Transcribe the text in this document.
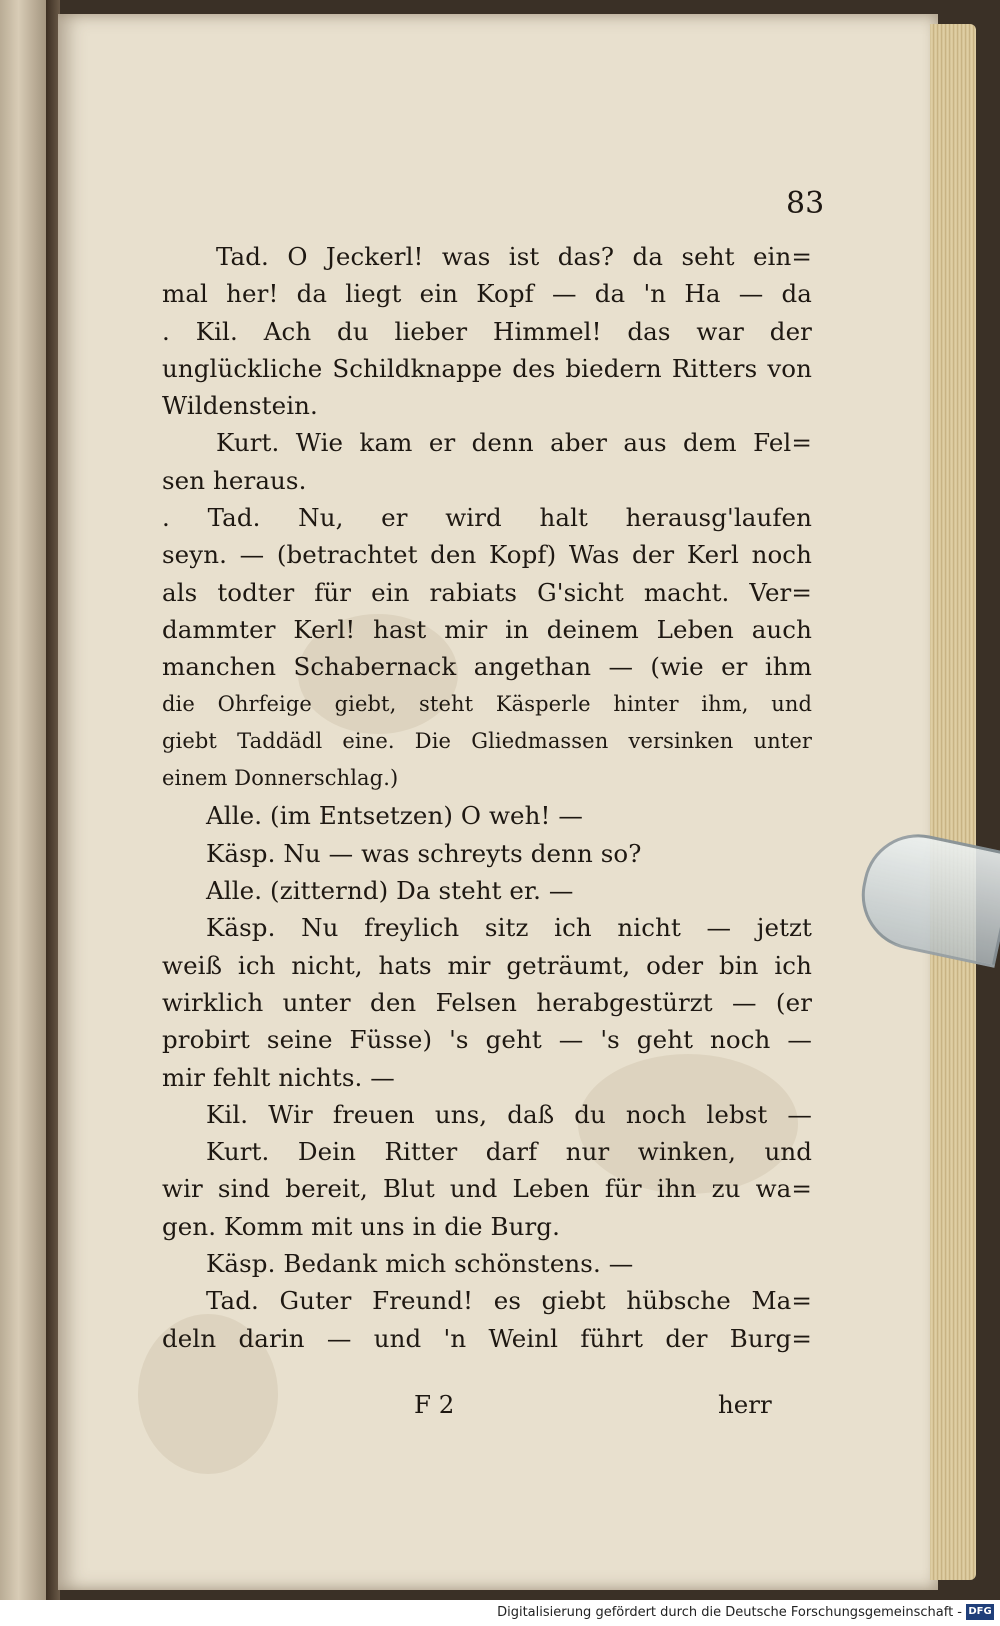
83
Tad. O Jeckerl! was ist das? da seht ein=
mal her! da liegt ein Kopf — da 'n Ha — da
. Kil. Ach du lieber Himmel! das war der
unglückliche Schildknappe des biedern Ritters von
Wildenstein.
Kurt. Wie kam er denn aber aus dem Fel=
sen heraus.
. Tad. Nu, er wird halt herausg'laufen
seyn. — (betrachtet den Kopf) Was der Kerl noch
als todter für ein rabiats G'sicht macht. Ver=
dammter Kerl! hast mir in deinem Leben auch
manchen Schabernack angethan — (wie er ihm
die Ohrfeige giebt, steht Käsperle hinter ihm, und
giebt Taddädl eine. Die Gliedmassen versinken unter
einem Donnerschlag.)
Alle. (im Entsetzen) O weh! —
Käsp. Nu — was schreyts denn so?
Alle. (zitternd) Da steht er. —
Käsp. Nu freylich sitz ich nicht — jetzt
weiß ich nicht, hats mir geträumt, oder bin ich
wirklich unter den Felsen herabgestürzt — (er
probirt seine Füsse) 's geht — 's geht noch —
mir fehlt nichts. —
Kil. Wir freuen uns, daß du noch lebst —
Kurt. Dein Ritter darf nur winken, und
wir sind bereit, Blut und Leben für ihn zu wa=
gen. Komm mit uns in die Burg.
Käsp. Bedank mich schönstens. —
Tad. Guter Freund! es giebt hübsche Ma=
deln darin — und 'n Weinl führt der Burg=
F 2	herr
Digitalisierung gefördert durch die Deutsche Forschungsgemeinschaft - DFG
